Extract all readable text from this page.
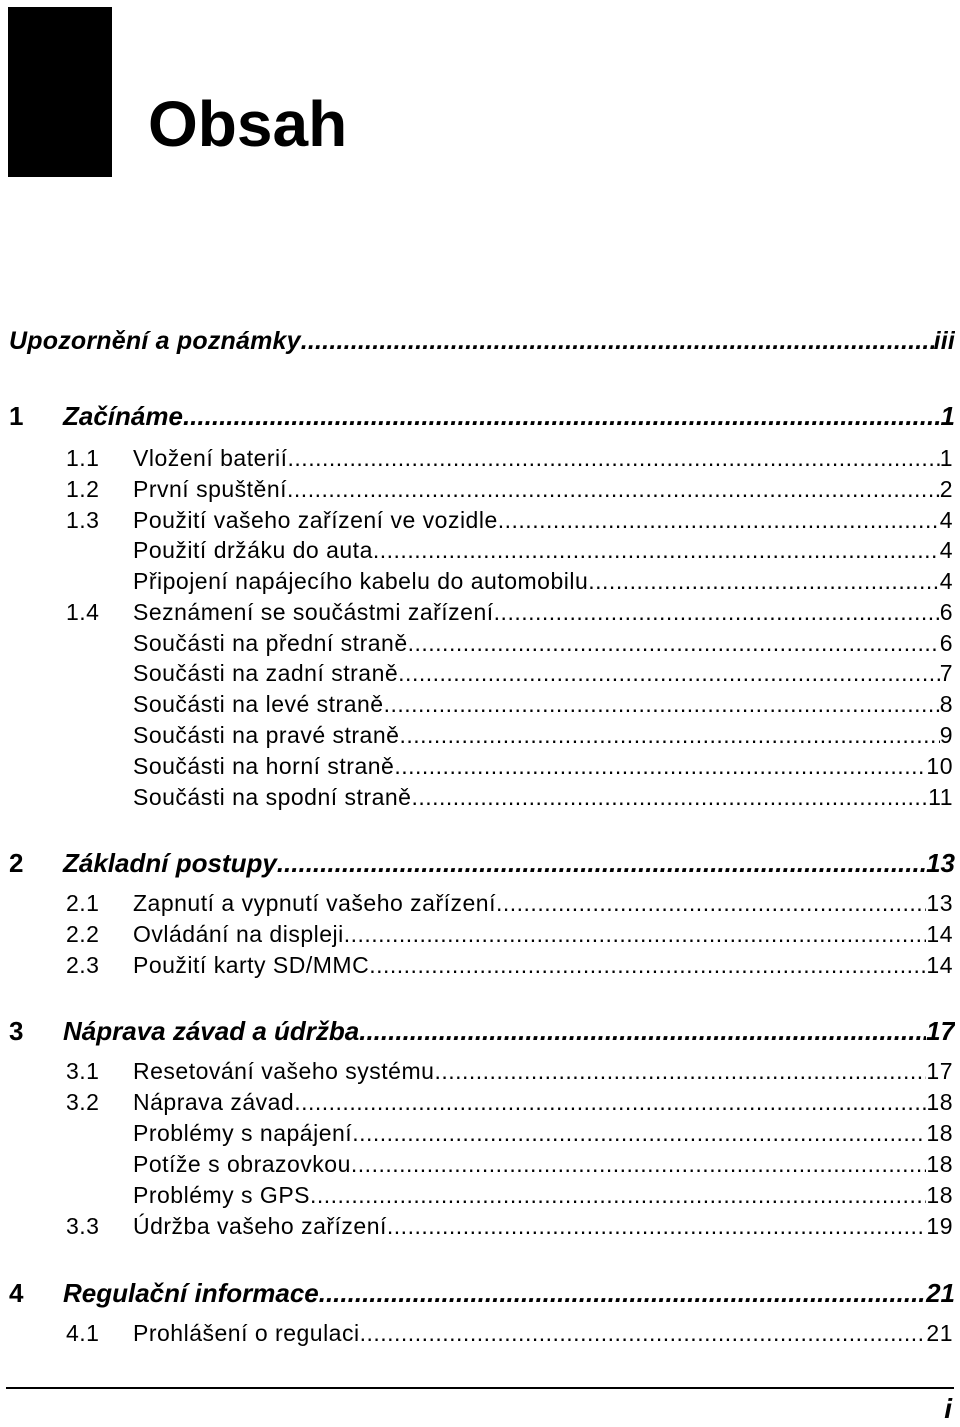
Obsah
Upozornění a poznámky .....	iii
1	Začínáme .....	1
1.1	Vložení baterií .....	1
1.2	První spuštění .....	2
1.3	Použití vašeho zařízení ve vozidle .....	4
Použití držáku do auta .....	4
Připojení napájecího kabelu do automobilu .....	4
1.4	Seznámení se součástmi zařízení .....	6
Součásti na přední straně .....	6
Součásti na zadní straně .....	7
Součásti na levé straně .....	8
Součásti na pravé straně .....	9
Součásti na horní straně .....	10
Součásti na spodní straně .....	11
2	Základní postupy .....	13
2.1	Zapnutí a vypnutí vašeho zařízení .....	13
2.2	Ovládání na displeji .....	14
2.3	Použití karty SD/MMC .....	14
3	Náprava závad a údržba .....	17
3.1	Resetování vašeho systému .....	17
3.2	Náprava závad .....	18
Problémy s napájení .....	18
Potíže s obrazovkou .....	18
Problémy s GPS .....	18
3.3	Údržba vašeho zařízení .....	19
4	Regulační informace .....	21
4.1	Prohlášení o regulaci .....	21
i
